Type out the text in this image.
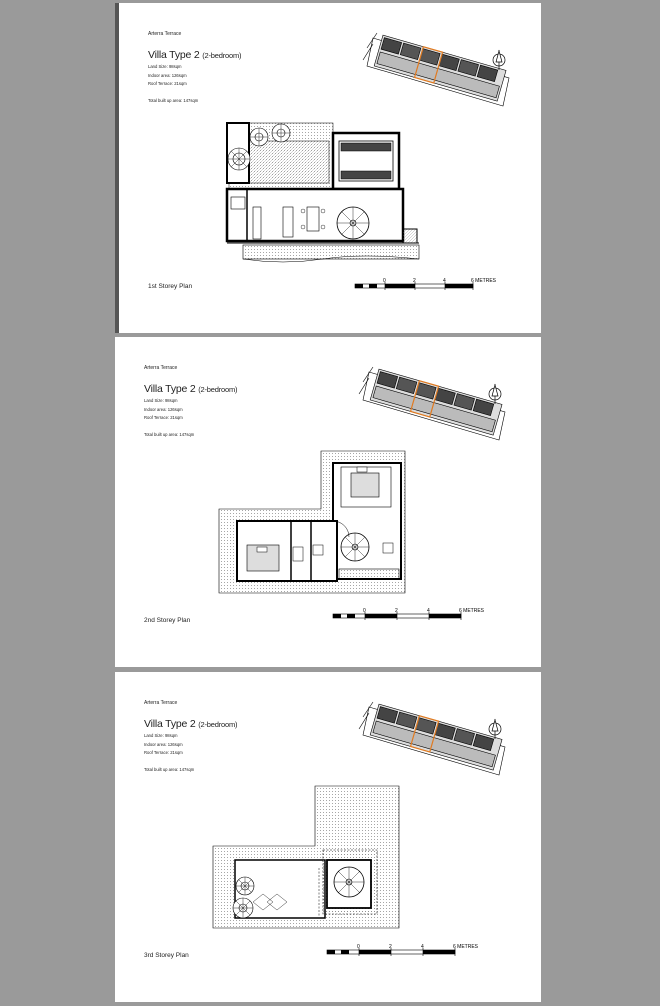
Arterra Terrace
Villa Type 2 (2-bedroom)
Land Size: 98sqm
Indoor area: 126sqm
Roof Terrace: 21sqm
Total built up area: 147sqm
0	2	4	6 METRES
1st Storey Plan
Arterra Terrace
Villa Type 2 (2-bedroom)
Land Size: 98sqm
Indoor area: 126sqm
Roof Terrace: 21sqm
Total built up area: 147sqm
0	2	4	6 METRES
2nd Storey Plan
Arterra Terrace
Villa Type 2 (2-bedroom)
Land Size: 98sqm
Indoor area: 126sqm
Roof Terrace: 21sqm
Total built up area: 147sqm
0	2	4	6 METRES
3rd Storey Plan
